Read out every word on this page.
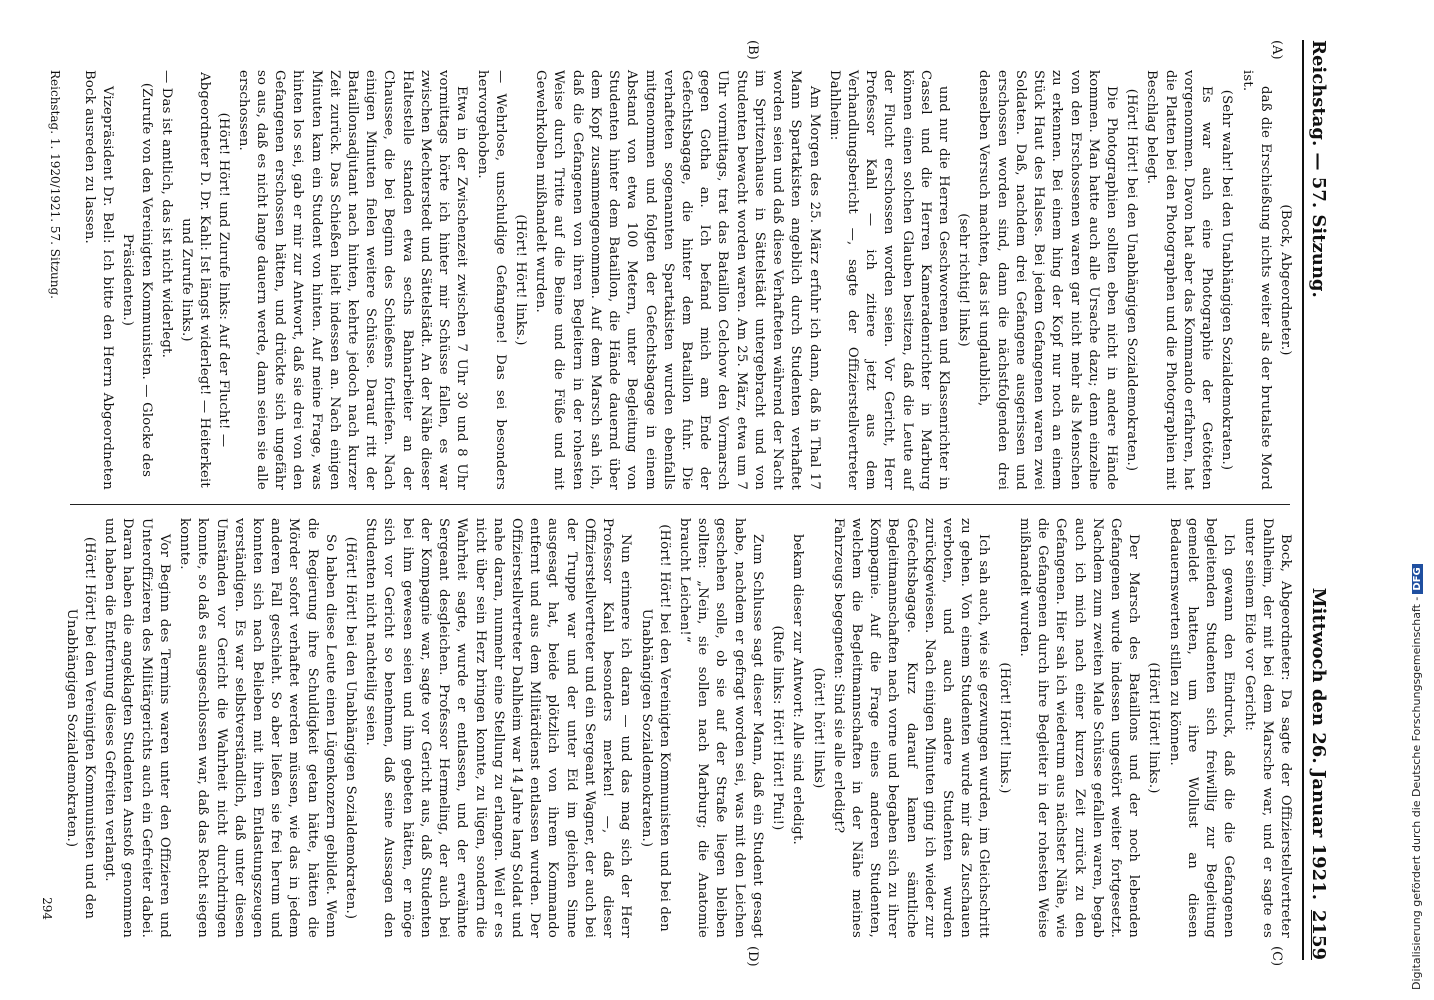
Reichstag. — 57. Sitzung.
Mittwoch den 26. Januar 1921.
2159
(A)
(B)
(C)
(D)

(Bock, Abgeordneter.)

daß die Erschießung nichts weiter als der brutalste Mord ist.

(Sehr wahr! bei den Unabhängigen Sozialdemokraten.)

Es war auch eine Photographie der Getöteten vorgenommen. Davon hat aber das Kommando erfahren, hat die Platten bei den Photographen und die Photographien mit Beschlag belegt.

(Hört! Hört! bei den Unabhängigen Sozialdemokraten.)

Die Photographien sollten eben nicht in andere Hände kommen. Man hatte auch alle Ursache dazu; denn einzelne von den Erschossenen waren gar nicht mehr als Menschen zu erkennen. Bei einem hing der Kopf nur noch an einem Stück Haut des Halses. Bei jedem Gefangenen waren zwei Soldaten. Daß, nachdem drei Gefangene ausgerissen und erschossen worden sind, dann die nächstfolgenden drei denselben Versuch machten, das ist unglaublich,

(sehr richtig! links)

und nur die Herren Geschworenen und Klassenrichter in Cassel und die Herren Kameradenrichter in Marburg können einen solchen Glauben besitzen, daß die Leute auf der Flucht erschossen worden seien. Vor Gericht, Herr Professor Kahl — ich zitiere jetzt aus dem Verhandlungsbericht —, sagte der Offizierstellvertreter Dahlheim:

Am Morgen des 25. März erfuhr ich dann, daß in Thal 17 Mann Spartakisten angeblich durch Studenten verhaftet worden seien und daß diese Verhafteten während der Nacht im Spritzenhause in Sättelstädt untergebracht und von Studenten bewacht worden waren. Am 25. März, etwa um 7 Uhr vormittags, trat das Bataillon Celchow den Vormarsch gegen Gotha an. Ich befand mich am Ende der Gefechtsbagage, die hinter dem Bataillon fuhr. Die verhafteten sogenannten Spartakisten wurden ebenfalls mitgenommen und folgten der Gefechtsbagage in einem Abstand von etwa 100 Metern, unter Begleitung von Studenten hinter dem Bataillon, die Hände dauernd über dem Kopf zusammengenommen. Auf dem Marsch sah ich, daß die Gefangenen von ihren Begleitern in der rohesten Weise durch Tritte auf die Beine und die Füße und mit Gewehrkolben mißhandelt wurden.

(Hört! Hört! links.)

— Wehrlose, unschuldige Gefangene! Das sei besonders hervorgehoben.

Etwa in der Zwischenzeit zwischen 7 Uhr 30 und 8 Uhr vormittags hörte ich hinter mir Schüsse fallen, es war zwischen Mechterstedt und Sättelstädt. An der Nähe dieser Haltestelle standen etwa sechs Bahnarbeiter an der Chaussee, die bei Beginn des Schießens fortliefen. Nach einigen Minuten fielen weitere Schüsse. Darauf ritt der Bataillonsadjutant nach hinten, kehrte jedoch nach kurzer Zeit zurück. Das Schießen hielt indessen an. Nach einigen Minuten kam ein Student von hinten. Auf meine Frage, was hinten los sei, gab er mir zur Antwort, daß sie drei von den Gefangenen erschossen hätten, und drückte sich ungefähr so aus, daß es nicht lange dauern werde, dann seien sie alle erschossen.

(Hört! Hört! und Zurufe links: Auf der Flucht! — Abgeordneter D. Dr. Kahl: Ist längst widerlegt! — Heiterkeit und Zurufe links.)

— Das ist amtlich, das ist nicht widerlegt.

(Zurufe von den Vereinigten Kommunisten. — Glocke des Präsidenten.)

Vizepräsident Dr. Bell: Ich bitte den Herrn Abgeordneten Bock ausreden zu lassen.

Bock, Abgeordneter: Da sagte der Offizierstellvertreter Dahlheim, der mit bei dem Marsche war, und er sagte es unter seinem Eide vor Gericht:

Ich gewann den Eindruck, daß die die Gefangenen begleitenden Studenten sich freiwillig zur Begleitung gemeldet hatten, um ihre Wollust an diesen Bedauernswerten stillen zu können.

(Hört! Hört! links.)

Der Marsch des Bataillons und der noch lebenden Gefangenen wurde indessen ungestört weiter fortgesetzt. Nachdem zum zweiten Male Schüsse gefallen waren, begab auch ich mich nach einer kurzen Zeit zurück zu den Gefangenen. Hier sah ich wiederum aus nächster Nähe, wie die Gefangenen durch ihre Begleiter in der rohesten Weise mißhandelt wurden.

(Hört! Hört! links.)

Ich sah auch, wie sie gezwungen wurden, im Gleichschritt zu gehen. Von einem Studenten wurde mir das Zuschauen verboten, und auch andere Studenten wurden zurückgewiesen. Nach einigen Minuten ging ich wieder zur Gefechtsbagage. Kurz darauf kamen sämtliche Begleitmannschaften nach vorne und begaben sich zu ihrer Kompagnie. Auf die Frage eines anderen Studenten, welchem die Begleitmannschaften in der Nähe meines Fahrzeugs begegneten: Sind sie alle erledigt?

(hört! hört! links)

bekam dieser zur Antwort: Alle sind erledigt.

(Rufe links: Hört! Hört! Pfui!)

Zum Schlusse sagt dieser Mann, daß ein Student gesagt habe, nachdem er gefragt worden sei, was mit den Leichen geschehen solle, ob sie auf der Straße liegen bleiben sollten: „Nein, sie sollen nach Marburg; die Anatomie braucht Leichen!“

(Hört! Hört! bei den Vereinigten Kommunisten und bei den Unabhängigen Sozialdemokraten.)

Nun erinnere ich daran — und das mag sich der Herr Professor Kahl besonders merken! —, daß dieser Offizierstellvertreter und ein Sergeant Wagner, der auch bei der Truppe war und der unter Eid im gleichen Sinne ausgesagt hat, beide plötzlich von ihrem Kommando entfernt und aus dem Militärdienst entlassen wurden. Der Offizierstellvertreter Dahlheim war 14 Jahre lang Soldat und nahe daran, nunmehr eine Stellung zu erlangen. Weil er es nicht über sein Herz bringen konnte, zu lügen, sondern die Wahrheit sagte, wurde er entlassen, und der erwähnte Sergeant desgleichen. Professor Hermeling, der auch bei der Kompagnie war, sagte vor Gericht aus, daß Studenten bei ihm gewesen seien und ihm gebeten hätten, er möge sich vor Gericht so benehmen, daß seine Aussagen den Studenten nicht nachteilig seien.

(Hört! Hört! bei den Unabhängigen Sozialdemokraten.)

So haben diese Leute einen Lügenkonzern gebildet. Wenn die Regierung ihre Schuldigkeit getan hätte, hätten die Mörder sofort verhaftet werden müssen, wie das in jedem anderen Fall geschieht. So aber ließen sie frei herum und konnten sich nach Belieben mit ihren Entlastungszeugen verständigen. Es war selbstverständlich, daß unter diesen Umständen vor Gericht die Wahrheit nicht durchdringen konnte, so daß es ausgeschlossen war, daß das Recht siegen konnte.

Vor Beginn des Termins waren unter den Offizieren und Unteroffizieren des Militärgerichts auch ein Gefreiter dabei. Daran haben die angeklagten Studenten Anstoß genommen und haben die Entfernung dieses Gefreiten verlangt.

(Hört! Hört! bei den Vereinigten Kommunisten und den Unabhängigen Sozialdemokraten.)

Reichstag. 1. 1920/1921. 57. Sitzung.
294	Digitalisierung gefördert durch die Deutsche Forschungsgemeinschaft -DFG
